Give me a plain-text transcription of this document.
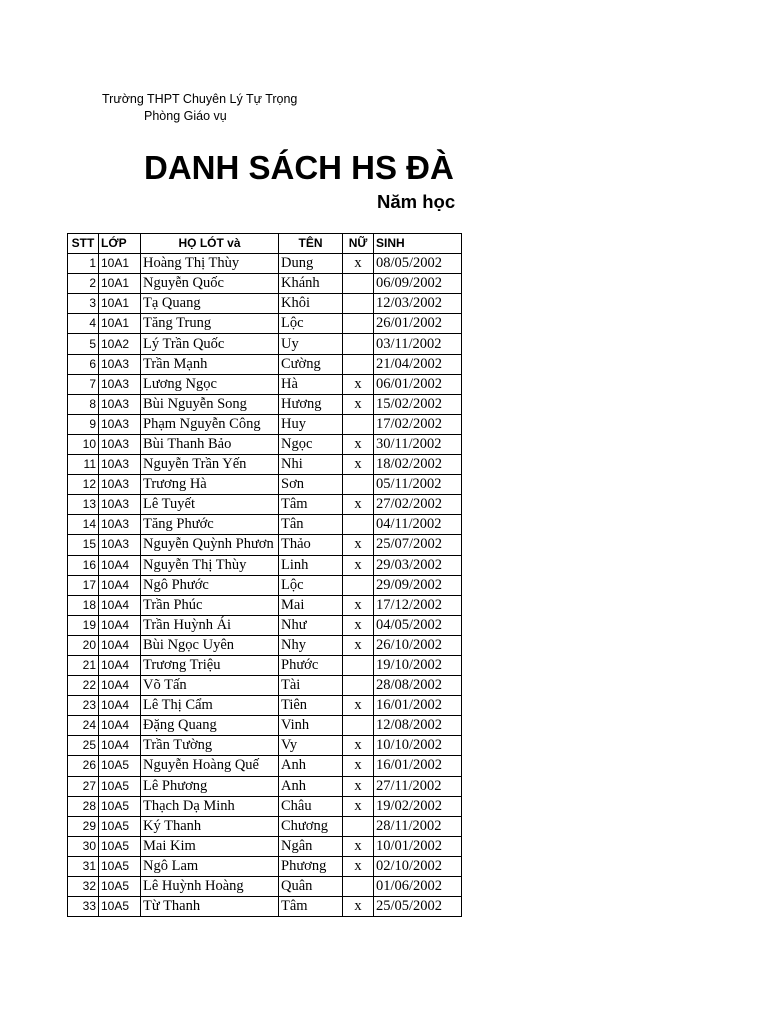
Trường THPT Chuyên Lý Tự Trọng
Phòng Giáo vụ
DANH SÁCH HS ĐÀ
Năm học
STT	LỚP	HỌ LÓT và	TÊN	NỮ	SINH
1	10A1	Hoàng Thị Thùy	Dung	x	08/05/2002
2	10A1	Nguyễn Quốc	Khánh		06/09/2002
3	10A1	Tạ Quang	Khôi		12/03/2002
4	10A1	Tăng Trung	Lộc		26/01/2002
5	10A2	Lý Trần Quốc	Uy		03/11/2002
6	10A3	Trần Mạnh	Cường		21/04/2002
7	10A3	Lương Ngọc	Hà	x	06/01/2002
8	10A3	Bùi Nguyễn Song	Hương	x	15/02/2002
9	10A3	Phạm Nguyễn Công	Huy		17/02/2002
10	10A3	Bùi Thanh Bảo	Ngọc	x	30/11/2002
11	10A3	Nguyễn Trần Yến	Nhi	x	18/02/2002
12	10A3	Trương Hà	Sơn		05/11/2002
13	10A3	Lê Tuyết	Tâm	x	27/02/2002
14	10A3	Tăng Phước	Tân		04/11/2002
15	10A3	Nguyễn Quỳnh Phươn	Thảo	x	25/07/2002
16	10A4	Nguyễn Thị Thùy	Linh	x	29/03/2002
17	10A4	Ngô Phước	Lộc		29/09/2002
18	10A4	Trần Phúc	Mai	x	17/12/2002
19	10A4	Trần Huỳnh Ái	Như	x	04/05/2002
20	10A4	Bùi Ngọc Uyên	Nhy	x	26/10/2002
21	10A4	Trương Triệu	Phước		19/10/2002
22	10A4	Võ Tấn	Tài		28/08/2002
23	10A4	Lê Thị Cẩm	Tiên	x	16/01/2002
24	10A4	Đặng Quang	Vinh		12/08/2002
25	10A4	Trần Tường	Vy	x	10/10/2002
26	10A5	Nguyễn Hoàng Quế	Anh	x	16/01/2002
27	10A5	Lê Phương	Anh	x	27/11/2002
28	10A5	Thạch Dạ Minh	Châu	x	19/02/2002
29	10A5	Ký Thanh	Chương		28/11/2002
30	10A5	Mai Kim	Ngân	x	10/01/2002
31	10A5	Ngô Lam	Phương	x	02/10/2002
32	10A5	Lê Huỳnh Hoàng	Quân		01/06/2002
33	10A5	Từ Thanh	Tâm	x	25/05/2002
